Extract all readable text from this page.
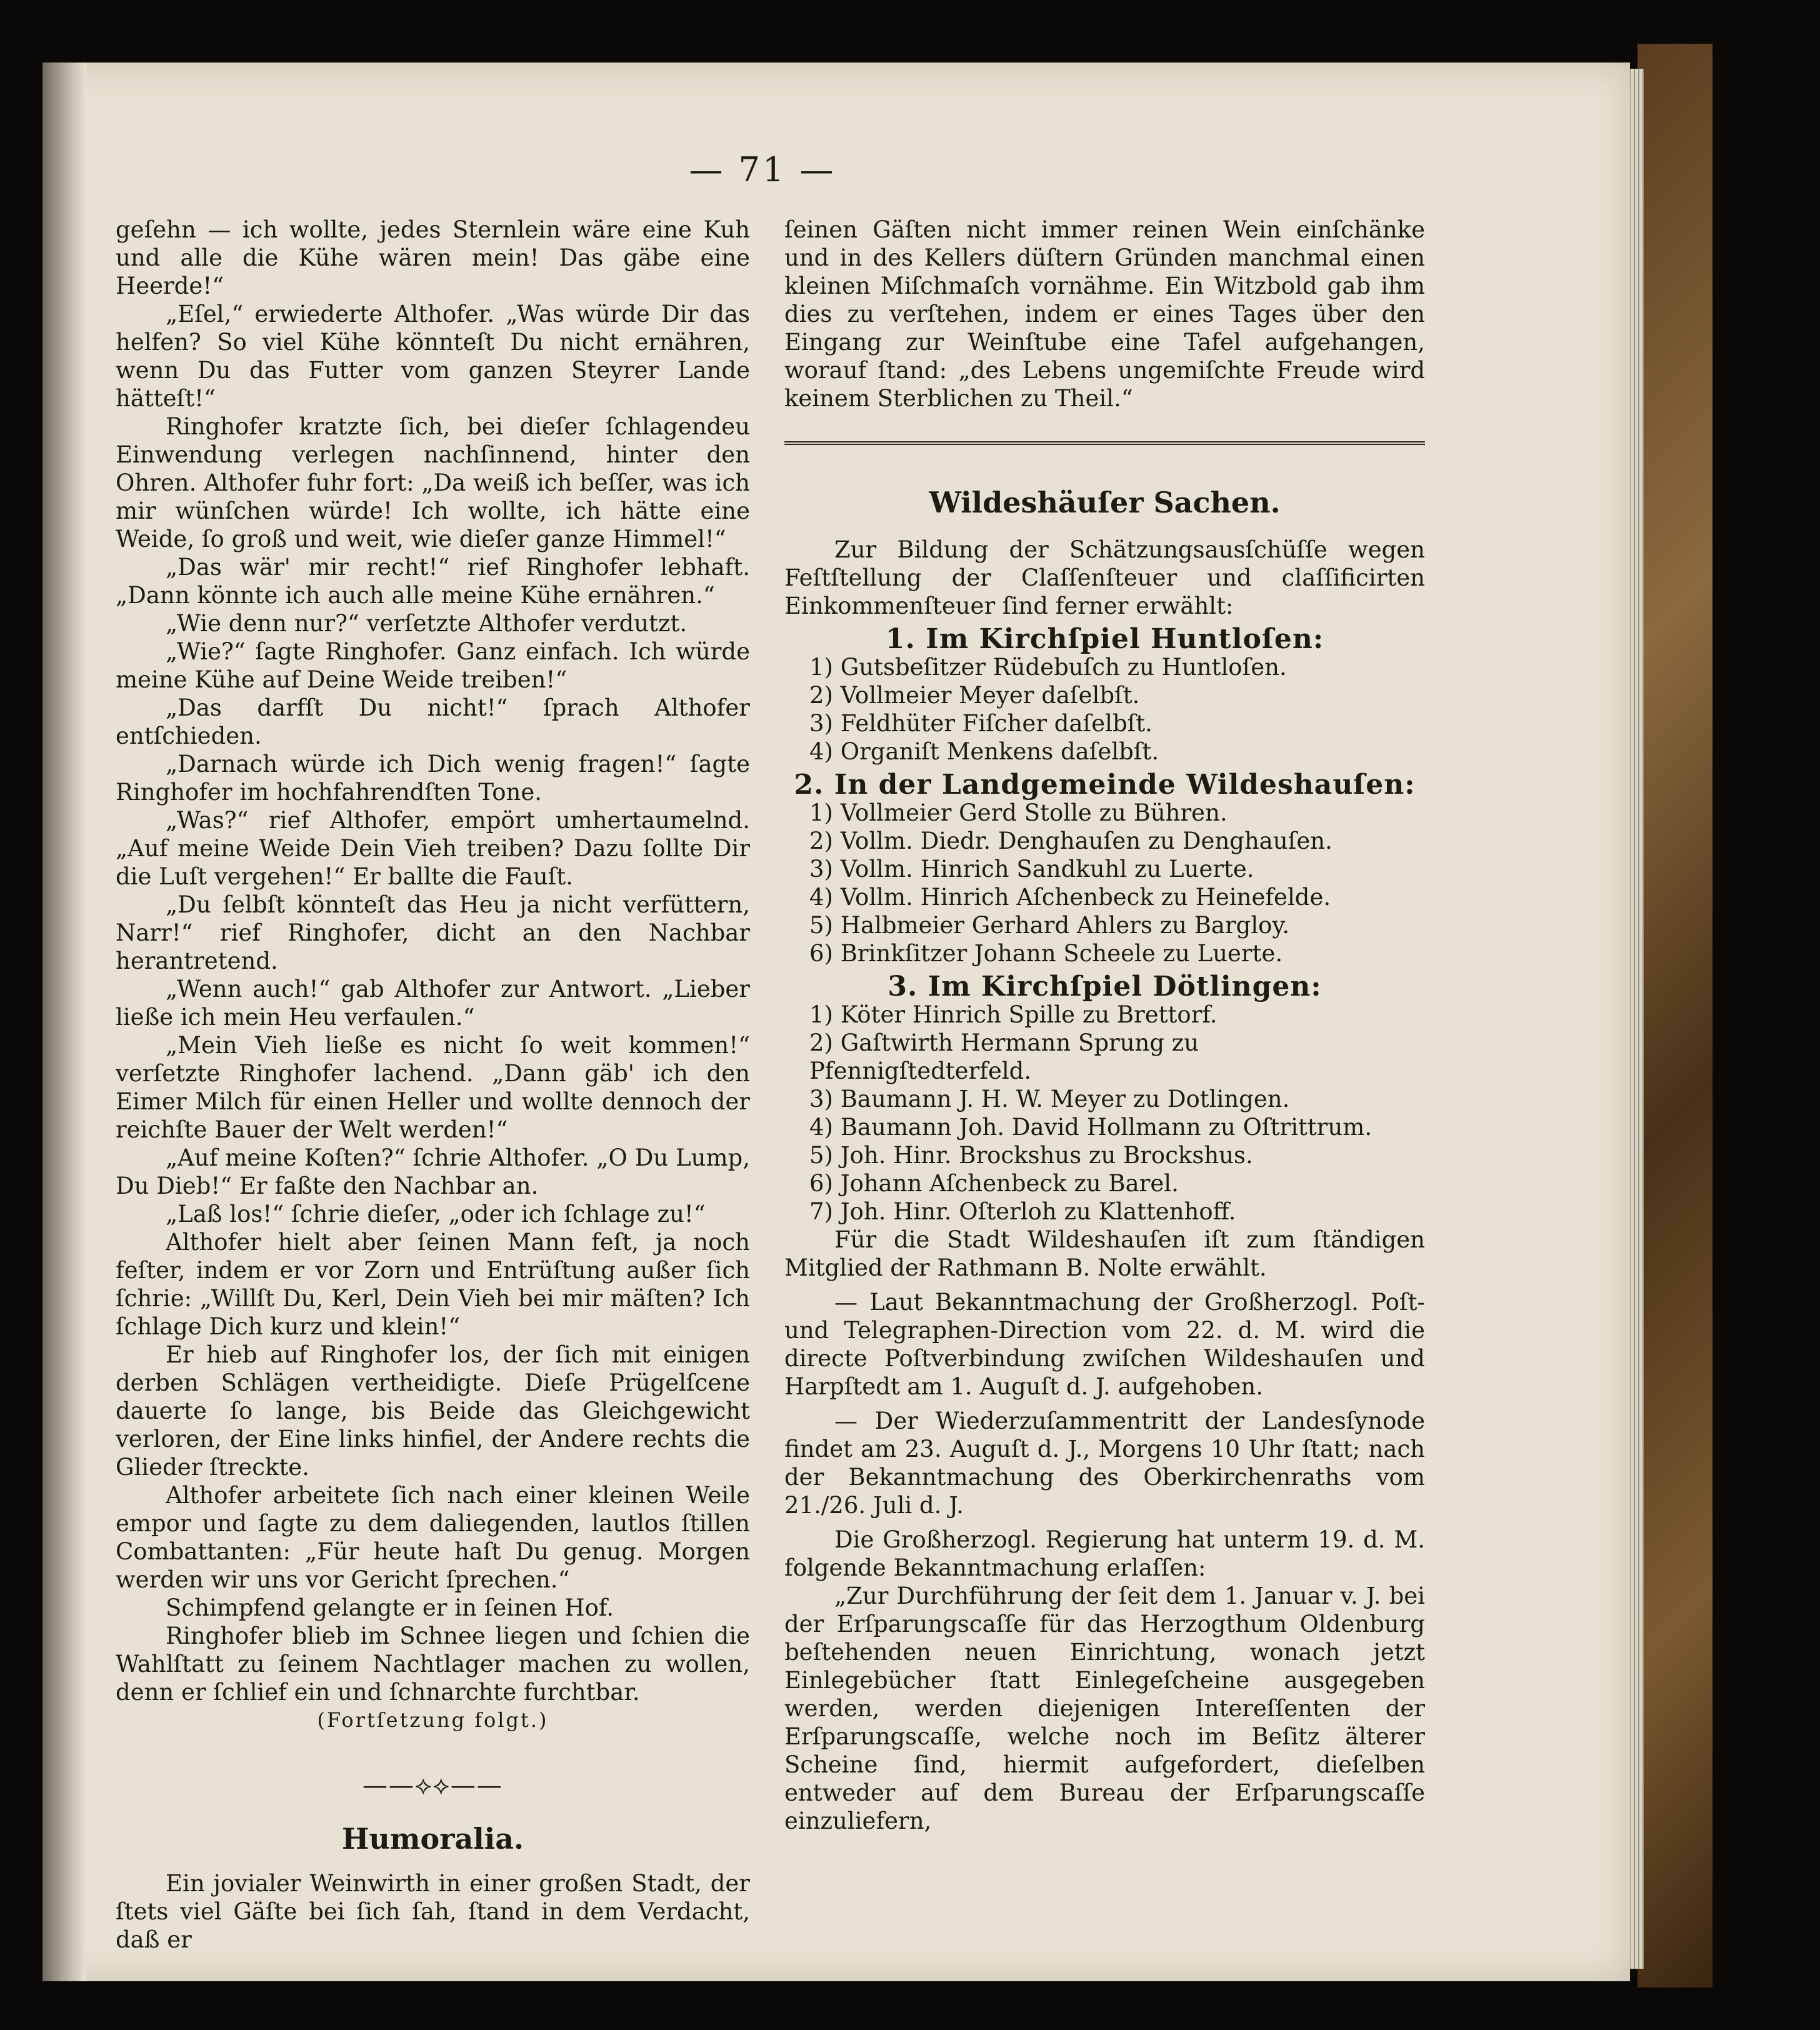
— 71 —

geſehn — ich wollte, jedes Sternlein wäre eine Kuh und alle die Kühe wären mein! Das gäbe eine Heerde!“

„Eſel,“ erwiederte Althofer. „Was würde Dir das helfen? So viel Kühe könnteſt Du nicht ernähren, wenn Du das Futter vom ganzen Steyrer Lande hätteſt!“

Ringhofer kratzte ſich, bei dieſer ſchlagendeu Einwendung verlegen nachſinnend, hinter den Ohren. Althofer fuhr fort: „Da weiß ich beſſer, was ich mir wünſchen würde! Ich wollte, ich hätte eine Weide, ſo groß und weit, wie dieſer ganze Himmel!“

„Das wär' mir recht!“ rief Ringhofer lebhaft. „Dann könnte ich auch alle meine Kühe ernähren.“

„Wie denn nur?“ verſetzte Althofer verdutzt.

„Wie?“ ſagte Ringhofer. Ganz einfach. Ich würde meine Kühe auf Deine Weide treiben!“

„Das darfſt Du nicht!“ ſprach Althofer entſchieden.

„Darnach würde ich Dich wenig fragen!“ ſagte Ringhofer im hochfahrendſten Tone.

„Was?“ rief Althofer, empört umhertaumelnd. „Auf meine Weide Dein Vieh treiben? Dazu ſollte Dir die Luſt vergehen!“ Er ballte die Fauſt.

„Du ſelbſt könnteſt das Heu ja nicht verfüttern, Narr!“ rief Ringhofer, dicht an den Nachbar herantretend.

„Wenn auch!“ gab Althofer zur Antwort. „Lieber ließe ich mein Heu verfaulen.“

„Mein Vieh ließe es nicht ſo weit kommen!“ verſetzte Ringhofer lachend. „Dann gäb' ich den Eimer Milch für einen Heller und wollte dennoch der reichſte Bauer der Welt werden!“

„Auf meine Koſten?“ ſchrie Althofer. „O Du Lump, Du Dieb!“ Er faßte den Nachbar an.

„Laß los!“ ſchrie dieſer, „oder ich ſchlage zu!“

Althofer hielt aber ſeinen Mann feſt, ja noch feſter, indem er vor Zorn und Entrüſtung außer ſich ſchrie: „Willſt Du, Kerl, Dein Vieh bei mir mäſten? Ich ſchlage Dich kurz und klein!“

Er hieb auf Ringhofer los, der ſich mit einigen derben Schlägen vertheidigte. Dieſe Prügelſcene dauerte ſo lange, bis Beide das Gleichgewicht verloren, der Eine links hinfiel, der Andere rechts die Glieder ſtreckte.

Althofer arbeitete ſich nach einer kleinen Weile empor und ſagte zu dem daliegenden, lautlos ſtillen Combattanten: „Für heute haſt Du genug. Morgen werden wir uns vor Gericht ſprechen.“

Schimpfend gelangte er in ſeinen Hof.

Ringhofer blieb im Schnee liegen und ſchien die Wahlſtatt zu ſeinem Nachtlager machen zu wollen, denn er ſchlief ein und ſchnarchte furchtbar.

(Fortſetzung folgt.)

——⟡⟡——

Humoralia.

Ein jovialer Weinwirth in einer großen Stadt, der ſtets viel Gäſte bei ſich ſah, ſtand in dem Verdacht, daß er

ſeinen Gäſten nicht immer reinen Wein einſchänke und in des Kellers düſtern Gründen manchmal einen kleinen Miſchmaſch vornähme. Ein Witzbold gab ihm dies zu verſtehen, indem er eines Tages über den Eingang zur Weinſtube eine Tafel aufgehangen, worauf ſtand: „des Lebens ungemiſchte Freude wird keinem Sterblichen zu Theil.“

Wildeshäuſer Sachen.

Zur Bildung der Schätzungsausſchüſſe wegen Feſtſtellung der Claſſenſteuer und claſſificirten Einkommenſteuer ſind ferner erwählt:

1. Im Kirchſpiel Huntloſen:

1) Gutsbeſitzer Rüdebuſch zu Huntloſen.
2) Vollmeier Meyer daſelbſt.
3) Feldhüter Fiſcher daſelbſt.
4) Organiſt Menkens daſelbſt.

2. In der Landgemeinde Wildeshauſen:

1) Vollmeier Gerd Stolle zu Bühren.
2) Vollm. Diedr. Denghauſen zu Denghauſen.
3) Vollm. Hinrich Sandkuhl zu Luerte.
4) Vollm. Hinrich Aſchenbeck zu Heinefelde.
5) Halbmeier Gerhard Ahlers zu Bargloy.
6) Brinkſitzer Johann Scheele zu Luerte.

3. Im Kirchſpiel Dötlingen:

1) Köter Hinrich Spille zu Brettorf.
2) Gaſtwirth Hermann Sprung zu Pfennigſtedterfeld.
3) Baumann J. H. W. Meyer zu Dotlingen.
4) Baumann Joh. David Hollmann zu Oſtrittrum.
5) Joh. Hinr. Brockshus zu Brockshus.
6) Johann Aſchenbeck zu Barel.
7) Joh. Hinr. Oſterloh zu Klattenhoff.

Für die Stadt Wildeshauſen iſt zum ſtändigen Mitglied der Rathmann B. Nolte erwählt.

— Laut Bekanntmachung der Großherzogl. Poſt- und Telegraphen-Direction vom 22. d. M. wird die directe Poſtverbindung zwiſchen Wildeshauſen und Harpſtedt am 1. Auguſt d. J. aufgehoben.

— Der Wiederzuſammentritt der Landesſynode findet am 23. Auguſt d. J., Morgens 10 Uhr ſtatt; nach der Bekanntmachung des Oberkirchenraths vom 21./26. Juli d. J.

Die Großherzogl. Regierung hat unterm 19. d. M. folgende Bekanntmachung erlaſſen:

„Zur Durchführung der ſeit dem 1. Januar v. J. bei der Erſparungscaſſe für das Herzogthum Oldenburg beſtehenden neuen Einrichtung, wonach jetzt Einlegebücher ſtatt Einlegeſcheine ausgegeben werden, werden diejenigen Intereſſenten der Erſparungscaſſe, welche noch im Beſitz älterer Scheine ſind, hiermit aufgefordert, dieſelben entweder auf dem Bureau der Erſparungscaſſe einzuliefern,
